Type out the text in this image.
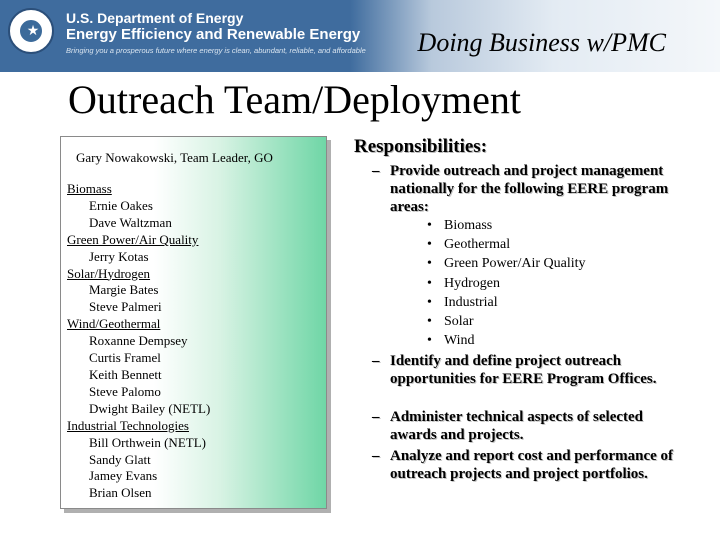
★
U.S. Department of Energy
Energy Efficiency and Renewable Energy
Bringing you a prosperous future where energy is clean, abundant, reliable, and affordable Doing Business w/PMC
Outreach Team/Deployment
Gary Nowakowski, Team Leader, GO
Biomass
Ernie Oakes
Dave Waltzman
Green Power/Air Quality
Jerry Kotas
Solar/Hydrogen
Margie Bates
Steve Palmeri
Wind/Geothermal
Roxanne Dempsey
Curtis Framel
Keith Bennett
Steve Palomo
Dwight Bailey (NETL)
Industrial Technologies
Bill Orthwein (NETL)
Sandy Glatt
Jamey Evans
Brian Olsen
Responsibilities:
– Provide outreach and project management nationally for the following EERE program areas:
• Biomass
• Geothermal
• Green Power/Air Quality
• Hydrogen
• Industrial
• Solar
• Wind
– Identify and define project outreach opportunities for EERE Program Offices.
– Administer technical aspects of selected awards and projects.
– Analyze and report cost and performance of outreach projects and project portfolios.
